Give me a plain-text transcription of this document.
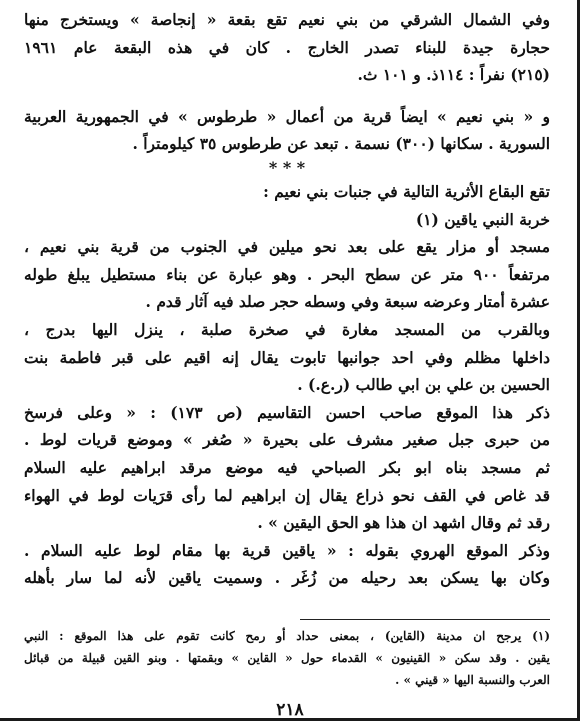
وفي الشمال الشرقي من بني نعيم تقع بقعة « إنجاصة » ويستخرج منها
حجارة جيدة للبناء تصدر الخارج . كان في هذه البقعة عام ١٩٦١
(٢١٥) نفراً : ١١٤ذ. و ١٠١ ث.
و « بني نعيم » ايضاً قرية من أعمال « طرطوس » في الجمهورية العربية
السورية . سكانها (٣٠٠) نسمة . تبعد عن طرطوس ٣٥ كيلومتراً .
* * *
تقع البقاع الأثرية التالية في جنبات بني نعيم :
خربة النبي ياقين (١)
مسجد أو مزار يقع على بعد نحو ميلين في الجنوب من قرية بني نعيم ،
مرتفعاً ٩٠٠ متر عن سطح البحر . وهو عبارة عن بناء مستطيل يبلغ طوله
عشرة أمتار وعرضه سبعة وفي وسطه حجر صلد فيه آثار قدم .
وبالقرب من المسجد مغارة في صخرة صلبة ، ينزل اليها بدرج ،
داخلها مظلم وفي احد جوانبها تابوت يقال إنه اقيم على قبر فاطمة بنت
الحسين بن علي بن ابي طالب (ر.ع.) .
ذكر هذا الموقع صاحب احسن التقاسيم (ص ١٧٣) : « وعلى فرسخ
من حبرى جبل صغير مشرف على بحيرة « صُغر » وموضع قريات لوط .
ثم مسجد بناه ابو بكر الصباحي فيه موضع مرقد ابراهيم عليه السلام
قد غاص في القف نحو ذراع يقال إن ابراهيم لما رأى قرَيات لوط في الهواء
رقد ثم وقال اشهد ان هذا هو الحق اليقين » .
وذكر الموقع الهروي بقوله : « ياقين قرية بها مقام لوط عليه السلام .
وكان بها يسكن بعد رحيله من زُغَر . وسميت ياقين لأنه لما سار بأهله
(١) يرجح ان مدينة (القاين) ، بمعنى حداد أو رمح كانت تقوم على هذا الموقع : النبي
يقين . وقد سكن « القينيون » القدماء حول « القاين » وبقمتها . وبنو القين قبيلة من قبائل
العرب والنسبة اليها « قيني » .
٢١٨
